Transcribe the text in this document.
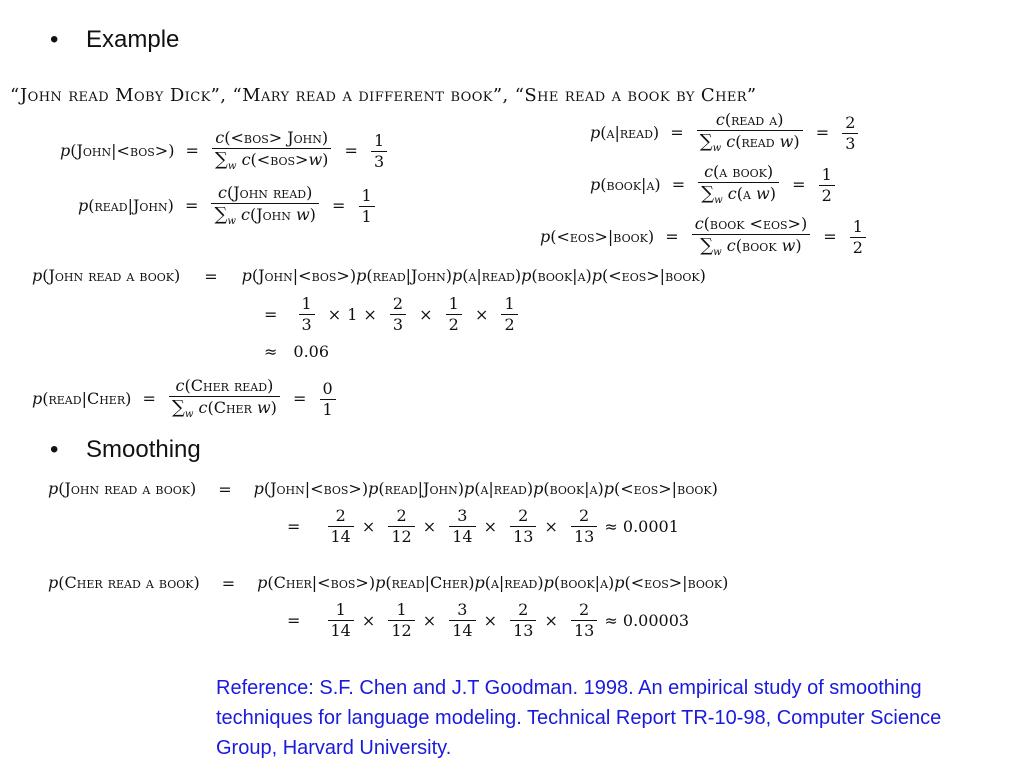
• Example
“John read Moby Dick”, “Mary read a different book”, “She read a book by Cher”
p(John|<bos>) = $\frac{\text{c(<bos> John)}}{\sum_w c(<bos>w)} = \frac{1}{3}$
p(read|John) = $\frac{\text{c(John read)}}{\sum_w c(John w)} = \frac{1}{1}$
p(a|read) = $\frac{\text{c(read a)}}{\sum_w c(read w)} = \frac{2}{3}$
p(book|a) = $\frac{\text{c(a book)}}{\sum_w c(a w)} = \frac{1}{2}$
p(<eos>|book) = $\frac{\text{c(book <eos>)}}{\sum_w c(book w)} = \frac{1}{2}$
p(John read a book) = p(John|<bos>)p(read|John)p(a|read)p(book|a)p(<eos>|book)
= $\frac{1}{3} \times 1 \times \frac{2}{3} \times \frac{1}{2} \times \frac{1}{2}$
≈ 0.06
p(read|Cher) = $\frac{\text{c(Cher read)}}{\sum_w c(Cher w)} = \frac{0}{1}$
• Smoothing
p(John read a book) = p(John|<bos>)p(read|John)p(a|read)p(book|a)p(<eos>|book)
= $\frac{2}{14} \times \frac{2}{12} \times \frac{3}{14} \times \frac{2}{13} \times \frac{2}{13} \approx 0.0001$
p(Cher read a book) = p(Cher|<bos>)p(read|Cher)p(a|read)p(book|a)p(<eos>|book)
= $\frac{1}{14} \times \frac{1}{12} \times \frac{3}{14} \times \frac{2}{13} \times \frac{2}{13} \approx 0.00003$
Reference: S.F. Chen and J.T Goodman. 1998. An empirical study of smoothing techniques for language modeling. Technical Report TR-10-98, Computer Science Group, Harvard University.
